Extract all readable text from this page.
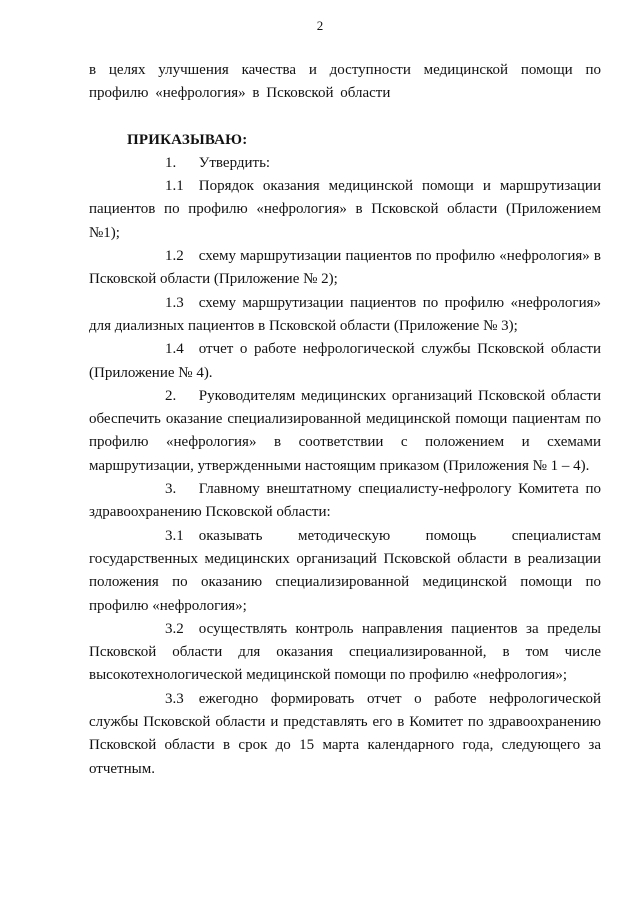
2

в целях улучшения качества и доступности медицинской помощи по профилю «нефрология» в Псковской области

ПРИКАЗЫВАЮ:

1.   Утвердить:

1.1   Порядок оказания медицинской помощи и маршрутизации пациентов по профилю «нефрология» в Псковской области (Приложением №1);

1.2   схему маршрутизации пациентов по профилю «нефрология» в Псковской области (Приложение № 2);

1.3   схему маршрутизации пациентов по профилю «нефрология» для диализных пациентов в Псковской области (Приложение № 3);

1.4   отчет о работе нефрологической службы Псковской области (Приложение № 4).

2.   Руководителям медицинских организаций Псковской области обеспечить оказание специализированной медицинской помощи пациентам по профилю «нефрология» в соответствии с положением и схемами маршрутизации, утвержденными настоящим приказом (Приложения № 1 – 4).

3.   Главному внештатному специалисту-нефрологу Комитета по здравоохранению Псковской области:

3.1   оказывать методическую помощь специалистам государственных медицинских организаций Псковской области в реализации положения по оказанию специализированной медицинской помощи по профилю «нефрология»;

3.2   осуществлять контроль направления пациентов за пределы Псковской области для оказания специализированной, в том числе высокотехнологической медицинской помощи по профилю «нефрология»;

3.3   ежегодно формировать отчет о работе нефрологической службы Псковской области и представлять его в Комитет по здравоохранению Псковской области в срок до 15 марта календарного года, следующего за отчетным.
